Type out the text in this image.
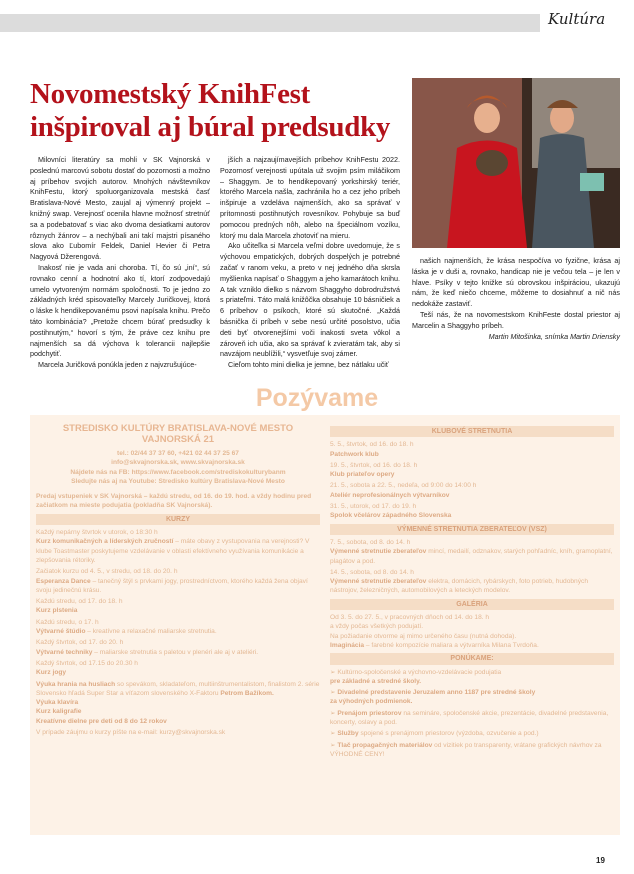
Kultúra
Novomestský KnihFest
inšpiroval aj búral predsudky

Milovníci literatúry sa mohli v SK Vajnorská v poslednú marcovú sobotu dostať do pozornosti a možno aj príbehov svojich autorov. Mnohých návštevníkov KnihFestu, ktorý spoluorganizovala mestská časť Bratislava-Nové Mesto, zaujal aj výmenný projekt – knižný swap. Verejnosť ocenila hlavne možnosť stretnúť sa a podebatovať s viac ako dvoma desiatkami autorov rôznych žánrov – a nechýbali ani takí majstri písaného slova ako Ľubomír Feldek, Daniel Hevier či Petra Nagyová Džerengová.

Inakosť nie je vada ani choroba. Tí, čo sú „iní“, sú rovnako cenní a hodnotní ako tí, ktorí zodpovedajú umelo vytvoreným normám spoločnosti. To je jedno zo základných kréd spisovateľky Marcely Juričkovej, ktorá o láske k hendikepovanému psovi napísala knihu. Prečo táto kombinácia? „Pretože chcem búrať predsudky k postihnutým,“ hovorí s tým, že práve cez knihu pre najmenších sa dá výchova k tolerancii najlepšie podchytiť.

Marcela Juričková ponúkla jeden z najvzrušujúce-

jších a najzaujímavejších príbehov KnihFestu 2022. Pozornosť verejnosti upútala už svojim psím miláčikom – Shaggym. Je to hendikepovaný yorkshirský teriér, ktorého Marcela našla, zachránila ho a cez jeho príbeh inšpiruje a vzdeláva najmenších, ako sa správať v prítomnosti postihnutých rovesníkov. Pohybuje sa buď pomocou predných nôh, alebo na špeciálnom vozíku, ktorý mu dala Marcela zhotoviť na mieru.

Ako učiteľka si Marcela veľmi dobre uvedomuje, že s výchovou empatických, dobrých dospelých je potrebné začať v ranom veku, a preto v nej jedného dňa skrsla myšlienka napísať o Shaggym a jeho kamarátoch knihu. A tak vzniklo dielko s názvom Shaggyho dobrodružstvá s priateľmi. Táto malá knižôčka obsahuje 10 básničiek a 6 príbehov o psíkoch, ktoré sú skutočné. „Každá básnička či príbeh v sebe nesú určité posolstvo, učia deti byť otvorenejšími voči inakosti sveta vôkol a zároveň ich učia, ako sa správať k zvieratám tak, aby si navzájom neublížili,“ vysvetľuje svoj zámer.

Cieľom tohto mini dielka je jemne, bez nátlaku učiť

našich najmenších, že krása nespočíva vo fyzične, krása aj láska je v duši a, rovnako, handicap nie je večou tela – je len v hlave. Psíky v tejto knižke sú obrovskou inšpiráciou, ukazujú nám, že keď niečo chceme, môžeme to dosiahnuť a nič nás nedokáže zastaviť.

Teší nás, že na novomestskom KnihFeste dostal priestor aj Marcelin a Shaggyho príbeh.

Martin Mitošinka, snímka Martin Driensky

Pozývame
STREDISKO KULTÚRY BRATISLAVA-NOVÉ MESTO
VAJNORSKÁ 21
tel.: 02/44 37 37 60, +421 02 44 37 25 67
info@skvajnorska.sk, www.skvajnorska.sk
Nájdete nás na FB: https://www.facebook.com/strediskokulturybanm
Sledujte nás aj na Youtube: Stredisko kultúry Bratislava-Nové Mesto

Predaj vstupeniek v SK Vajnorská – každú stredu, od 16. do 19. hod. a vždy hodinu pred začiatkom na mieste podujatia (pokladňa SK Vajnorská).

KURZY

Každý nepárny štvrtok v utorok, o 18:30 h
Kurz komunikačných a líderských zručností – máte obavy z vystupovania na verejnosti? V klube Toastmaster poskytujeme vzdelávanie v oblasti efektívneho využívania komunikácie a zlepšovania rétoriky.

Začiatok kurzu od 4. 5., v stredu, od 18. do 20. h
Esperanza Dance – tanečný štýl s prvkami jogy, prostredníctvom, ktorého každá žena objaví svoju jedinečnú krásu.

Každú stredu, od 17. do 18. h
Kurz plstenia

Každú stredu, o 17. h
Výtvarné štúdio – kreatívne a relaxačné maliarske stretnutia.

Každý štvrtok, od 17. do 20. h
Výtvarné techniky – maliarske stretnutia s paletou v plenéri ale aj v ateliéri.

Každý štvrtok, od 17.15 do 20.30 h
Kurz jogy

Výuka hrania na husliach so spevákom, skladateľom, multiinštrumentalistom, finalistom 2. série Slovensko hľadá Super Star a víťazom slovenského X-Faktoru Petrom Bažíkom.
Výuka klavíra
Kurz kaligrafie
Kreatívne dielne pre deti od 8 do 12 rokov

V prípade záujmu o kurzy píšte na e-mail: kurzy@skvajnorska.sk

KLUBOVÉ STRETNUTIA

5. 5., štvrtok, od 16. do 18. h
Patchwork klub

19. 5., štvrtok, od 16. do 18. h
Klub priateľov opery

21. 5., sobota a 22. 5., nedeľa, od 9:00 do 14:00 h
Ateliér neprofesionálnych výtvarníkov

31. 5., utorok, od 17. do 19. h
Spolok včelárov západného Slovenska

VÝMENNÉ STRETNUTIA ZBERATEĽOV (VSZ)

7. 5., sobota, od 8. do 14. h
Výmenné stretnutie zberateľov mincí, medailí, odznakov, starých pohľadníc, kníh, gramoplatní, plagátov a pod.

14. 5., sobota, od 8. do 14. h
Výmenné stretnutie zberateľov elektra, domácich, rybárskych, foto potrieb, hudobných nástrojov, železničných, automobilových a leteckých modelov.

GALÉRIA

Od 3. 5. do 27. 5., v pracovných dňoch od 14. do 18. h
a vždy počas všetkých podujatí.
Na požiadanie otvorme aj mimo určeného času (nutná dohoda).
Imaginácia – farebné kompozície maliara a výtvarníka Milana Tvrdoňa.

PONÚKAME:

➢ Kultúrno-spoločenské a výchovno-vzdelávacie podujatia
pre základné a stredné školy.

➢ Divadelné predstavenie Jeruzalem anno 1187 pre stredné školy
za výhodných podmienok.

➢ Prenájom priestorov na semináre, spoločenské akcie, prezentácie, divadelné predstavenia, koncerty, oslavy a pod.

➢ Služby spojené s prenájmom priestorov (výzdoba, ozvučenie a pod.)

➢ Tlač propagačných materiálov od vizitiek po transparenty, vrátane grafických návrhov za VÝHODNÉ CENY!

19
